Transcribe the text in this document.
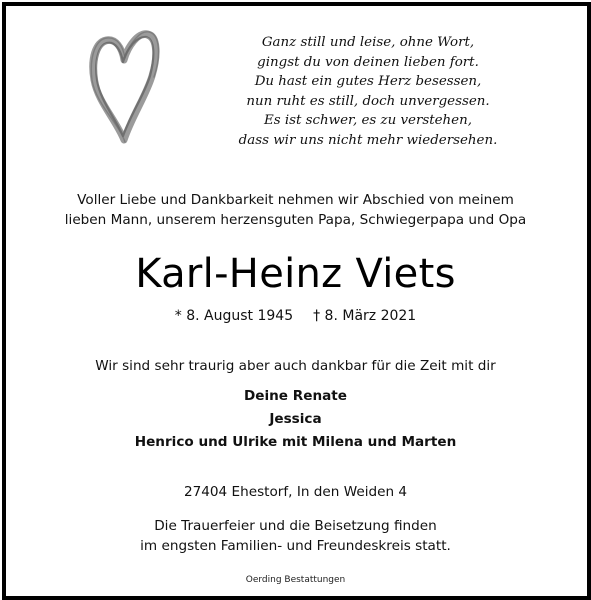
Ganz still und leise, ohne Wort,
gingst du von deinen lieben fort.
Du hast ein gutes Herz besessen,
nun ruht es still, doch unvergessen.
Es ist schwer, es zu verstehen,
dass wir uns nicht mehr wiedersehen.
Voller Liebe und Dankbarkeit nehmen wir Abschied von meinem
lieben Mann, unserem herzensguten Papa, Schwiegerpapa und Opa
Karl-Heinz Viets
* 8. August 1945 † 8. März 2021
Wir sind sehr traurig aber auch dankbar für die Zeit mit dir
Deine Renate
Jessica
Henrico und Ulrike mit Milena und Marten
27404 Ehestorf, In den Weiden 4
Die Trauerfeier und die Beisetzung finden
im engsten Familien- und Freundeskreis statt.
Oerding Bestattungen
